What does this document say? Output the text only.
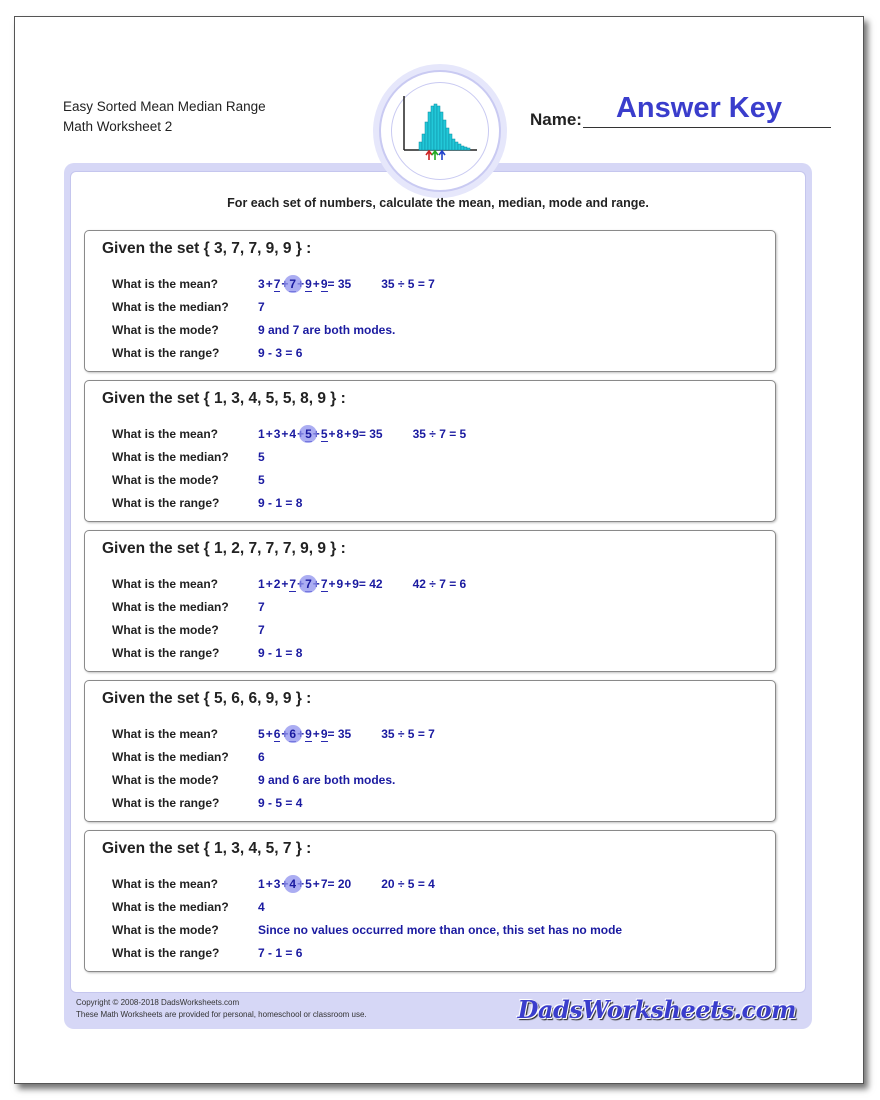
Easy Sorted Mean Median Range
Math Worksheet 2
Answer Key
Name:
For each set of numbers, calculate the mean, median, mode and range.
Given the set { 3, 7, 7, 9, 9 } :
What is the mean?	3+7+7+9+9= 35	35 ÷ 5 = 7
What is the median? 7
What is the mode?	9 and 7 are both modes.
What is the range?	9 - 3 = 6
Given the set { 1, 3, 4, 5, 5, 8, 9 } :
What is the mean?	1+3+4+5+5+8+9= 35	35 ÷ 7 = 5
What is the median? 5
What is the mode?	5
What is the range?	9 - 1 = 8
Given the set { 1, 2, 7, 7, 7, 9, 9 } :
What is the mean?	1+2+7+7+7+9+9= 42	42 ÷ 7 = 6
What is the median? 7
What is the mode?	7
What is the range?	9 - 1 = 8
Given the set { 5, 6, 6, 9, 9 } :
What is the mean?	5+6+6+9+9= 35	35 ÷ 5 = 7
What is the median? 6
What is the mode?	9 and 6 are both modes.
What is the range?	9 - 5 = 4
Given the set { 1, 3, 4, 5, 7 } :
What is the mean?	1+3+4+5+7= 20	20 ÷ 5 = 4
What is the median? 4
What is the mode?	Since no values occurred more than once, this set has no mode
What is the range?	7 - 1 = 6
Copyright © 2008-2018 DadsWorksheets.com
These Math Worksheets are provided for personal, homeschool or classroom use.	DadsWorksheets.com
